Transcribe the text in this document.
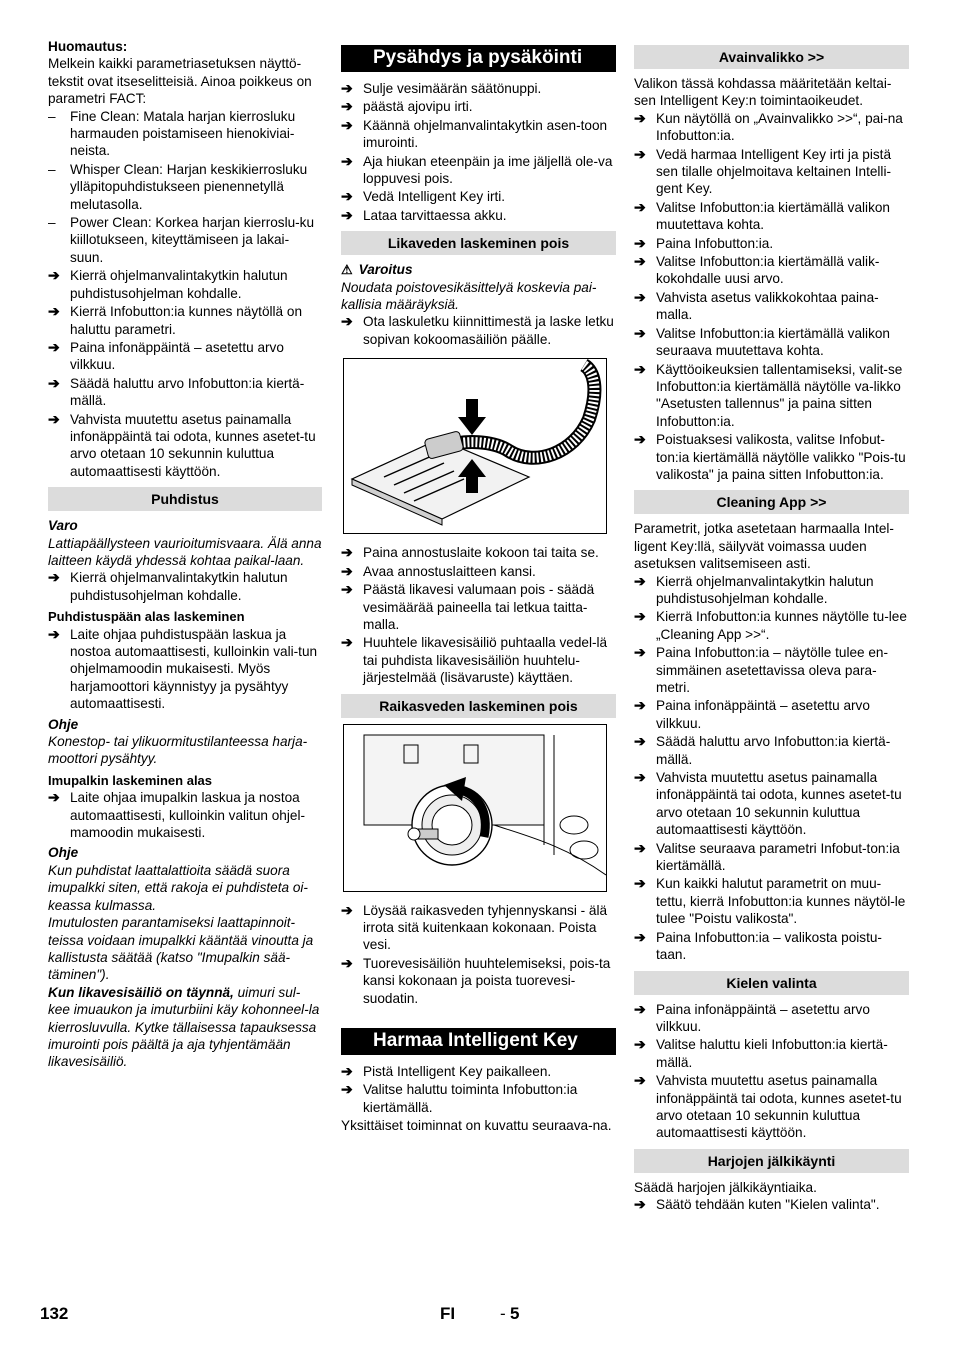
Huomautus:

Melkein kaikki parametriasetuksen näyttö-tekstit ovat itseselitteisiä. Ainoa poikkeus on parametri FACT:

– Fine Clean: Matala harjan kierrosluku harmauden poistamiseen hienokiviai-neista.
– Whisper Clean: Harjan keskikierrosluku ylläpitopuhdistukseen pienennetyllä melutasolla.
– Power Clean: Korkea harjan kierroslu-ku kiillotukseen, kiteyttämiseen ja lakai-suun.
➔ Kierrä ohjelmanvalintakytkin halutun puhdistusohjelman kohdalle.
➔ Kierrä Infobutton:ia kunnes näytöllä on haluttu parametri.
➔ Paina infonäppäintä – asetettu arvo vilkkuu.
➔ Säädä haluttu arvo Infobutton:ia kiertä-mällä.
➔ Vahvista muutettu asetus painamalla infonäppäintä tai odota, kunnes asetet-tu arvo otetaan 10 sekunnin kuluttua automaattisesti käyttöön.
Puhdistus

Varo

Lattiapäällysteen vaurioitumisvaara. Älä anna laitteen käydä yhdessä kohtaa paikal-laan.

➔ Kierrä ohjelmanvalintakytkin halutun puhdistusohjelman kohdalle.

Puhdistuspään alas laskeminen

➔ Laite ohjaa puhdistuspään laskua ja nostoa automaattisesti, kulloinkin vali-tun ohjelmamoodin mukaisesti. Myös harjamoottori käynnistyy ja pysähtyy automaattisesti.

Ohje

Konestop- tai ylikuormitustilanteessa harja-moottori pysähtyy.

Imupalkin laskeminen alas

➔ Laite ohjaa imupalkin laskua ja nostoa automaattisesti, kulloinkin valitun ohjel-mamoodin mukaisesti.

Ohje

Kun puhdistat laattalattioita säädä suora imupalkki siten, että rakoja ei puhdisteta oi-keassa kulmassa.

Imutulosten parantamiseksi laattapinnoit-teissa voidaan imupalkki kääntää vinoutta ja kallistusta säätää (katso "Imupalkin sää-täminen").

Kun likavesisäiliö on täynnä, uimuri sul-kee imuaukon ja imuturbiini käy kohonneel-la kierrosluvulla. Kytke tällaisessa tapauksessa imurointi pois päältä ja aja tyhjentämään likavesisäiliö.

Pysähdys ja pysäköinti
➔ Sulje vesimäärän säätönuppi.
➔ päästä ajovipu irti.
➔ Käännä ohjelmanvalintakytkin asen-toon imurointi.
➔ Aja hiukan eteenpäin ja ime jäljellä ole-va loppuvesi pois.
➔ Vedä Intelligent Key irti.
➔ Lataa tarvittaessa akku.
Likaveden laskeminen pois

⚠ Varoitus

Noudata poistovesikäsittelyä koskevia pai-kallisia määräyksiä.

➔ Ota laskuletku kiinnittimestä ja laske letku sopivan kokoomasäiliön päälle.
➔ Paina annostuslaite kokoon tai taita se.
➔ Avaa annostuslaitteen kansi.
➔ Päästä likavesi valumaan pois - säädä vesimäärää paineella tai letkua taitta-malla.
➔ Huuhtele likavesisäiliö puhtaalla vedel-lä tai puhdista likavesisäiliön huuhtelu-järjestelmää (lisävaruste) käyttäen.
Raikasveden laskeminen pois
➔ Löysää raikasveden tyhjennyskansi - älä irrota sitä kuitenkaan kokonaan. Poista vesi.
➔ Tuorevesisäiliön huuhtelemiseksi, pois-ta kansi kokonaan ja poista tuorevesi-suodatin.
Harmaa Intelligent Key
➔ Pistä Intelligent Key paikalleen.
➔ Valitse haluttu toiminta Infobutton:ia kiertämällä.

Yksittäiset toiminnat on kuvattu seuraava-na.

Avainvalikko >>

Valikon tässä kohdassa määritetään keltai-sen Intelligent Key:n toimintaoikeudet.

➔ Kun näytöllä on „Avainvalikko >>“, pai-na Infobutton:ia.
➔ Vedä harmaa Intelligent Key irti ja pistä sen tilalle ohjelmoitava keltainen Intelli-gent Key.
➔ Valitse Infobutton:ia kiertämällä valikon muutettava kohta.
➔ Paina Infobutton:ia.
➔ Valitse Infobutton:ia kiertämällä valik-kokohdalle uusi arvo.
➔ Vahvista asetus valikkokohtaa paina-malla.
➔ Valitse Infobutton:ia kiertämällä valikon seuraava muutettava kohta.
➔ Käyttöoikeuksien tallentamiseksi, valit-se Infobutton:ia kiertämällä näytölle va-likko "Asetusten tallennus" ja paina sitten Infobutton:ia.
➔ Poistuaksesi valikosta, valitse Infobut-ton:ia kiertämällä näytölle valikko "Pois-tu valikosta" ja paina sitten Infobutton:ia.
Cleaning App >>

Parametrit, jotka asetetaan harmaalla Intel-ligent Key:llä, säilyvät voimassa uuden asetuksen valitsemiseen asti.

➔ Kierrä ohjelmanvalintakytkin halutun puhdistusohjelman kohdalle.
➔ Kierrä Infobutton:ia kunnes näytölle tu-lee „Cleaning App >>“.
➔ Paina Infobutton:ia – näytölle tulee en-simmäinen asetettavissa oleva para-metri.
➔ Paina infonäppäintä – asetettu arvo vilkkuu.
➔ Säädä haluttu arvo Infobutton:ia kiertä-mällä.
➔ Vahvista muutettu asetus painamalla infonäppäintä tai odota, kunnes asetet-tu arvo otetaan 10 sekunnin kuluttua automaattisesti käyttöön.
➔ Valitse seuraava parametri Infobut-ton:ia kiertämällä.
➔ Kun kaikki halutut parametrit on muu-tettu, kierrä Infobutton:ia kunnes näytöl-le tulee "Poistu valikosta".
➔ Paina Infobutton:ia – valikosta poistu-taan.
Kielen valinta
➔ Paina infonäppäintä – asetettu arvo vilkkuu.
➔ Valitse haluttu kieli Infobutton:ia kiertä-mällä.
➔ Vahvista muutettu asetus painamalla infonäppäintä tai odota, kunnes asetet-tu arvo otetaan 10 sekunnin kuluttua automaattisesti käyttöön.
Harjojen jälkikäynti

Säädä harjojen jälkikäyntiaika.

➔ Säätö tehdään kuten "Kielen valinta".
132	FI	- 5
